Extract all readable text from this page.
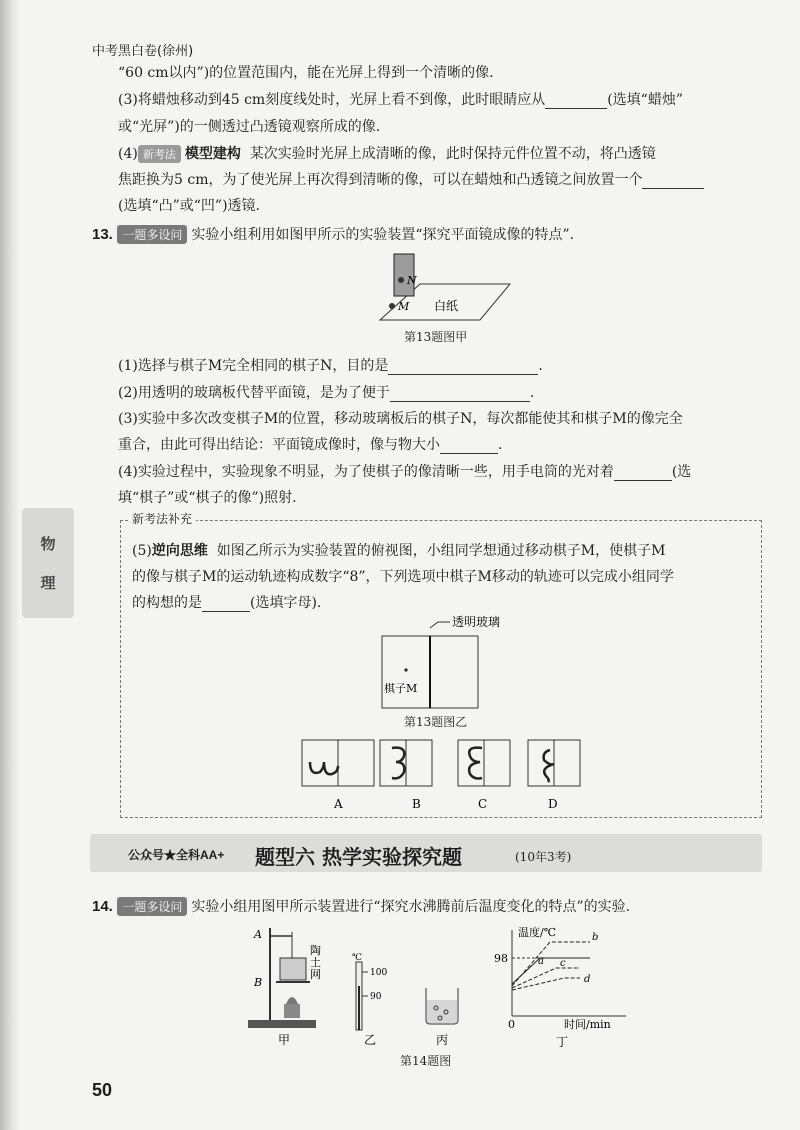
物
理
中考黑白卷(徐州)
“60 cm以内”)的位置范围内，能在光屏上得到一个清晰的像.
(3)将蜡烛移动到45 cm刻度线处时，光屏上看不到像，此时眼睛应从	(选填“蜡烛”
或“光屏”)的一侧透过凸透镜观察所成的像.
(4) 新考法 模型建构 某次实验时光屏上成清晰的像，此时保持元件位置不动，将凸透镜
焦距换为5 cm，为了使光屏上再次得到清晰的像，可以在蜡烛和凸透镜之间放置一个
(选填“凸”或“凹”)透镜.
13. 一题多设问 实验小组利用如图甲所示的实验装置“探究平面镜成像的特点”.
N
M 白纸
第13题图甲
(1)选择与棋子M完全相同的棋子N，目的是	.
(2)用透明的玻璃板代替平面镜，是为了便于	.
(3)实验中多次改变棋子M的位置，移动玻璃板后的棋子N，每次都能使其和棋子M的像完全
重合，由此可得出结论：平面镜成像时，像与物大小	.
(4)实验过程中，实验现象不明显，为了使棋子的像清晰一些，用手电筒的光对着	(选
填“棋子”或“棋子的像”)照射.
新考法补充
(5)逆向思维 如图乙所示为实验装置的俯视图，小组同学想通过移动棋子M，使棋子M
的像与棋子M的运动轨迹构成数字“8”，下列选项中棋子M移动的轨迹可以完成小组同学
的构想的是	(选填字母).
透明玻璃
棋子M
第13题图乙
A	B	C	D
公众号★全科AA+ 题型六 热学实验探究题	(10年3考)
14. 一题多设问 实验小组用图甲所示装置进行“探究水沸腾前后温度变化的特点”的实验.
A
B
陶
土
网
甲
℃
100
90
乙	丙
温度/℃
时间/min
98
0
a
b
c
d
丁
第14题图
50
